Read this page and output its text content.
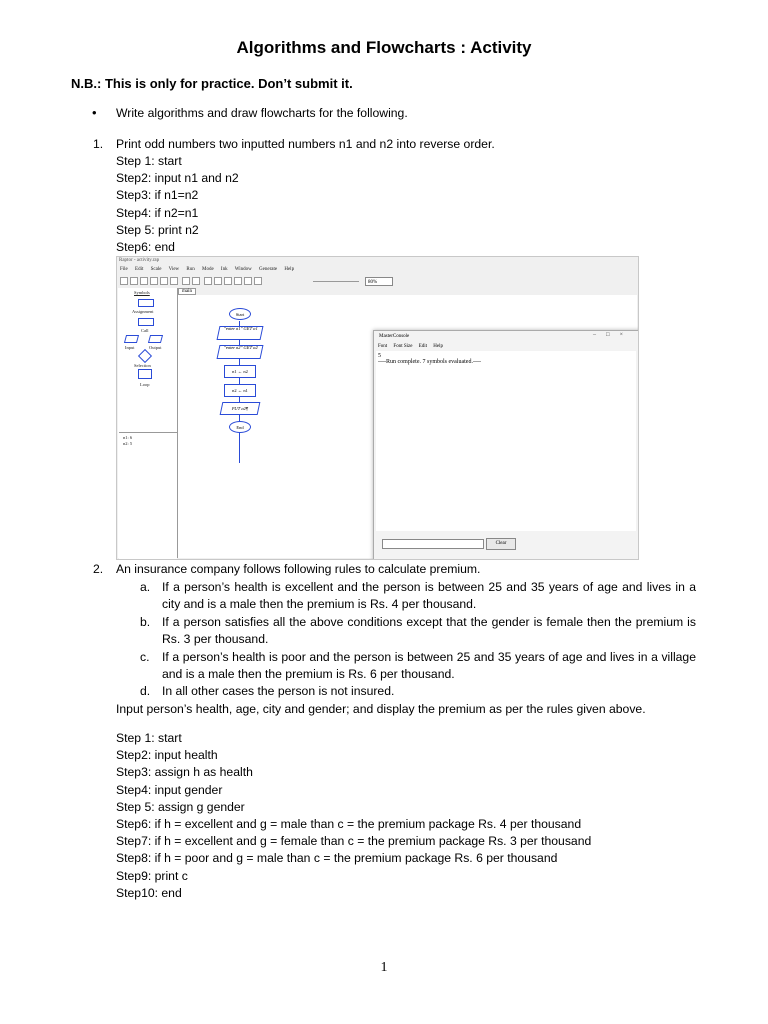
Algorithms and Flowcharts : Activity
N.B.: This is only for practice. Don’t submit it.
• Write algorithms and draw flowcharts for the following.
1. Print odd numbers two inputted numbers n1 and n2 into reverse order.
Step 1: start
Step2: input n1 and n2
Step3: if n1=n2
Step4: if n2=n1
Step 5: print n2
Step6: end
Raptor - activity.rap
File Edit Scale View Run Mode Ink Window Generate Help
80%
Symbols
Assignment
Call
Input	Output
Selection
Loop
n1: 6
n2: 5
main
Start
"enter n1" GET n1
"enter n2" GET n2
n1 ← n2
n2 ← n1
PUT n2¶
End
MasterConsole	–□×
Font Font Size Edit Help
5
----Run complete. 7 symbols evaluated.----
Clear
2. An insurance company follows following rules to calculate premium.
a. If a person’s health is excellent and the person is between 25 and 35 years of age and lives in a city and is a male then the premium is Rs. 4 per thousand.
b. If a person satisfies all the above conditions except that the gender is female then the premium is Rs. 3 per thousand.
c. If a person’s health is poor and the person is between 25 and 35 years of age and lives in a village and is a male then the premium is Rs. 6 per thousand.
d. In all other cases the person is not insured.
Input person’s health, age, city and gender; and display the premium as per the rules given above.
Step 1: start
Step2: input health
Step3: assign h as health
Step4: input gender
Step 5: assign g gender
Step6: if h = excellent and g = male than c = the premium package Rs. 4 per thousand
Step7: if h = excellent and g = female than c = the premium package Rs. 3 per thousand
Step8: if h = poor and g = male than c = the premium package Rs. 6 per thousand
Step9: print c
Step10: end
1
